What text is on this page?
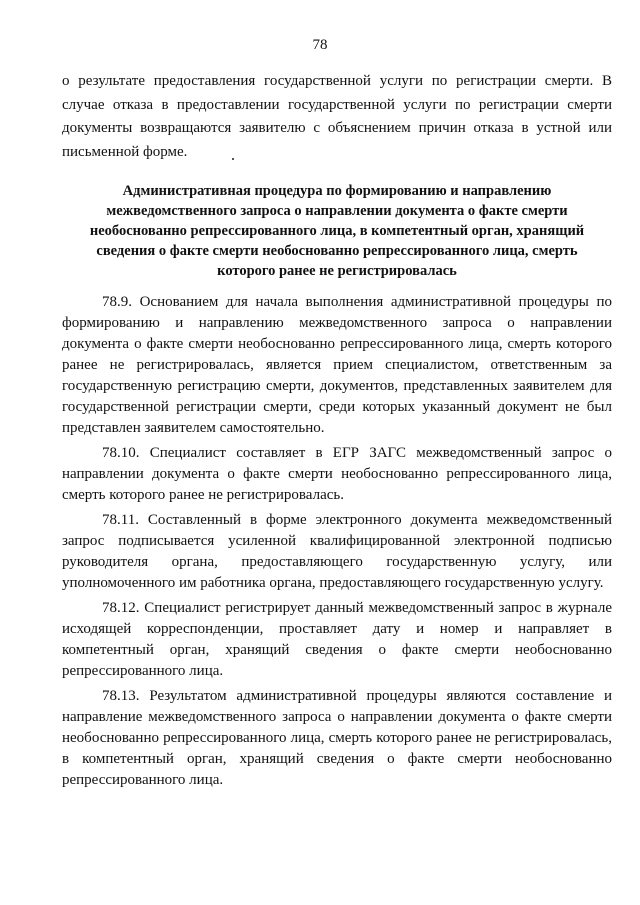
78

о результате предоставления государственной услуги по регистрации смерти. В случае отказа в предоставлении государственной услуги по регистрации смерти документы возвращаются заявителю с объяснением причин отказа в устной или письменной форме.

Административная процедура по формированию и направлению межведомственного запроса о направлении документа о факте смерти необоснованно репрессированного лица, в компетентный орган, хранящий сведения о факте смерти необоснованно репрессированного лица, смерть которого ранее не регистрировалась

78.9. Основанием для начала выполнения административной процедуры по формированию и направлению межведомственного запроса о направлении документа о факте смерти необоснованно репрессированного лица, смерть которого ранее не регистрировалась, является прием специалистом, ответственным за государственную регистрацию смерти, документов, представленных заявителем для государственной регистрации смерти, среди которых указанный документ не был представлен заявителем самостоятельно.

78.10. Специалист составляет в ЕГР ЗАГС межведомственный запрос о направлении документа о факте смерти необоснованно репрессированного лица, смерть которого ранее не регистрировалась.

78.11. Составленный в форме электронного документа межведомственный запрос подписывается усиленной квалифицированной электронной подписью руководителя органа, предоставляющего государственную услугу, или уполномоченного им работника органа, предоставляющего государственную услугу.

78.12. Специалист регистрирует данный межведомственный запрос в журнале исходящей корреспонденции, проставляет дату и номер и направляет в компетентный орган, хранящий сведения о факте смерти необоснованно репрессированного лица.

78.13. Результатом административной процедуры являются составление и направление межведомственного запроса о направлении документа о факте смерти необоснованно репрессированного лица, смерть которого ранее не регистрировалась, в компетентный орган, хранящий сведения о факте смерти необоснованно репрессированного лица.
